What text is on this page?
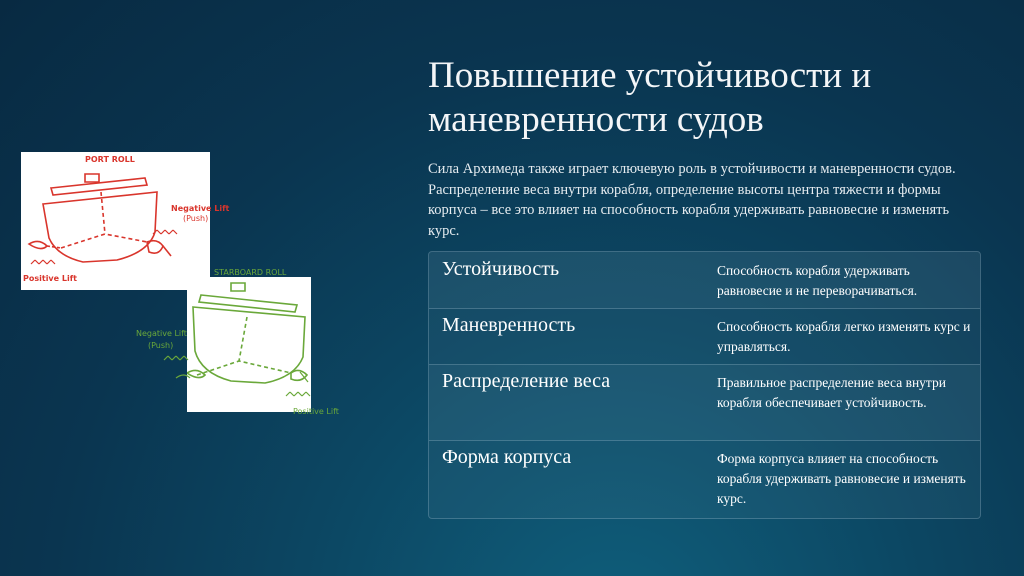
PORT ROLL
Negative Lift
(Push)
Positive Lift
STARBOARD ROLL
Negative Lift
(Push)
Positive Lift
Повышение устойчивости и маневренности судов

Сила Архимеда также играет ключевую роль в устойчивости и маневренности судов. Распределение веса внутри корабля, определение высоты центра тяжести и формы корпуса – все это влияет на способность корабля удерживать равновесие и изменять курс.

Устойчивость	Способность корабля удерживать равновесие и не переворачиваться.
Маневренность	Способность корабля легко изменять курс и управляться.
Распределение веса	Правильное распределение веса внутри корабля обеспечивает устойчивость.
Форма корпуса	Форма корпуса влияет на способность корабля удерживать равновесие и изменять курс.
